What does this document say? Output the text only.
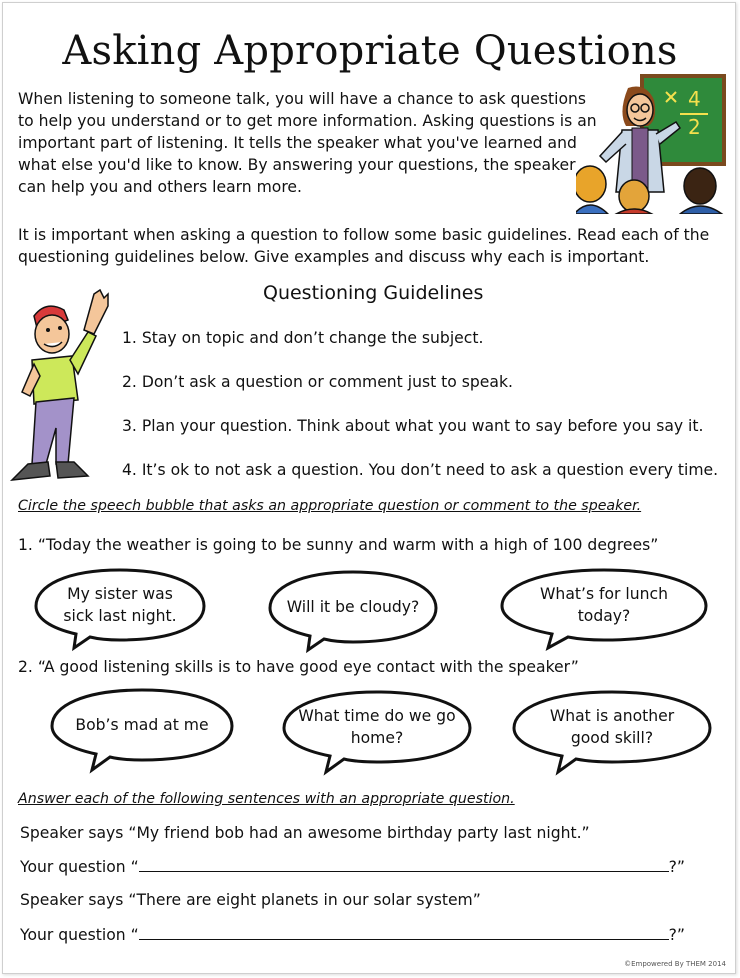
Asking Appropriate Questions
When listening to someone talk, you will have a chance to ask questions to help you understand or to get more information. Asking questions is an important part of listening. It tells the speaker what you've learned and what else you'd like to know. By answering your questions, the speaker can help you and others learn more.
4
2
It is important when asking a question to follow some basic guidelines. Read each of the questioning guidelines below. Give examples and discuss why each is important.
Questioning Guidelines
1. Stay on topic and don’t change the subject.
2. Don’t ask a question or comment just to speak.
3. Plan your question. Think about what you want to say before you say it.
4. It’s ok to not ask a question. You don’t need to ask a question every time.
Circle the speech bubble that asks an appropriate question or comment to the speaker.
1. “Today the weather is going to be sunny and warm with a high of 100 degrees”
My sister was sick last night.	Will it be cloudy?
What’s for lunch today?
2. “A good listening skills is to have good eye contact with the speaker”
Bob’s mad at me	What time do we go home?
What is another good skill?
Answer each of the following sentences with an appropriate question.
Speaker says “My friend bob had an awesome birthday party last night.”
Your question “	?”
Speaker says “There are eight planets in our solar system”
Your question “	?”
©Empowered By THEM 2014
